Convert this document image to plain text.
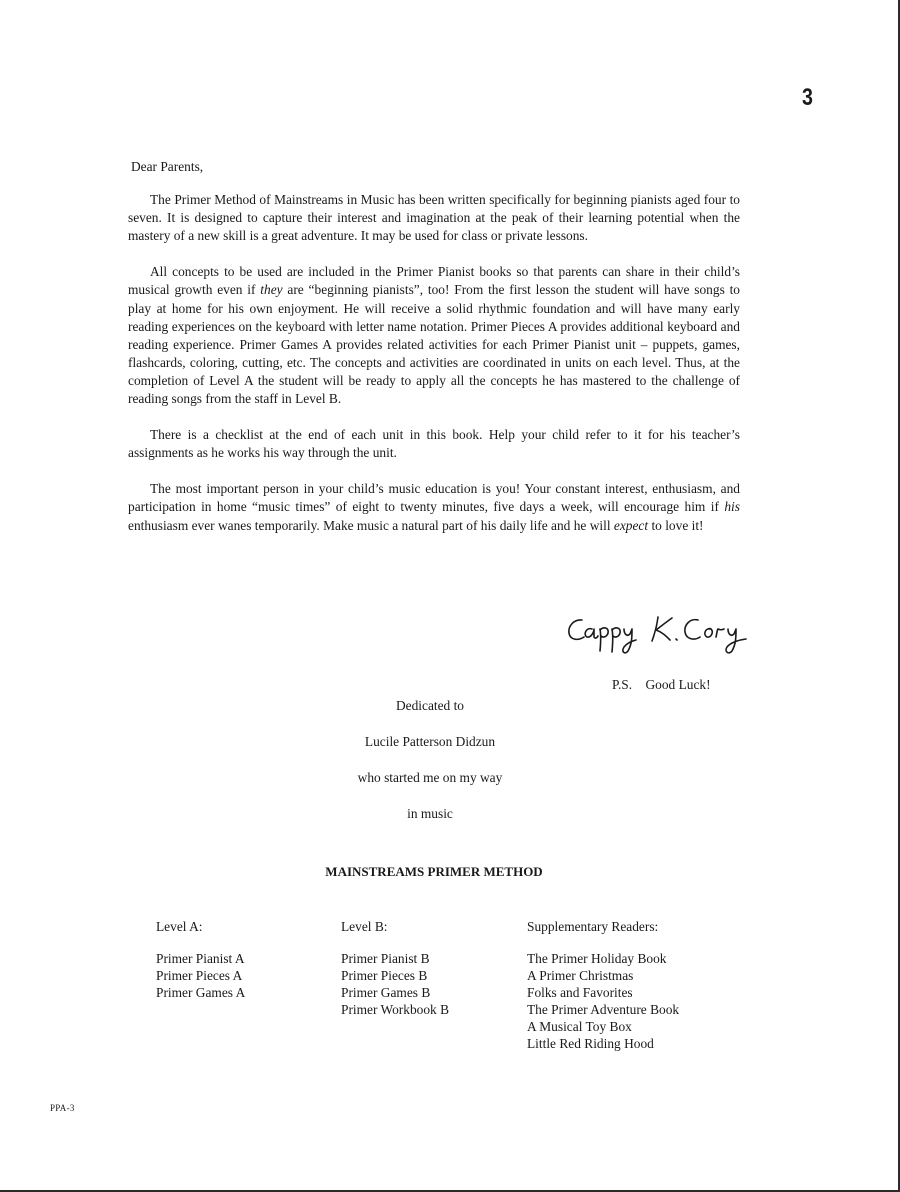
3
Dear Parents,

The Primer Method of Mainstreams in Music has been written specifically for beginning pianists aged four to seven. It is designed to capture their interest and imagination at the peak of their learning potential when the mastery of a new skill is a great adventure. It may be used for class or private lessons.

All concepts to be used are included in the Primer Pianist books so that parents can share in their child’s musical growth even if they are “beginning pianists”, too! From the first lesson the student will have songs to play at home for his own enjoyment. He will receive a solid rhythmic foundation and will have many early reading experiences on the keyboard with letter name notation. Primer Pieces A provides additional keyboard and reading experience. Primer Games A provides related activities for each Primer Pianist unit – puppets, games, flashcards, coloring, cutting, etc. The concepts and activities are coordinated in units on each level. Thus, at the completion of Level A the student will be ready to apply all the concepts he has mastered to the challenge of reading songs from the staff in Level B.

There is a checklist at the end of each unit in this book. Help your child refer to it for his teacher’s assignments as he works his way through the unit.

The most important person in your child’s music education is you! Your constant interest, enthusiasm, and participation in home “music times” of eight to twenty minutes, five days a week, will encourage him if his enthusiasm ever wanes temporarily. Make music a natural part of his daily life and he will expect to love it!

P.S. Good Luck!
Dedicated to
Lucile Patterson Didzun
who started me on my way
in music
MAINSTREAMS PRIMER METHOD
Level A:
Primer Pianist A
Primer Pieces A
Primer Games A
Level B:
Primer Pianist B
Primer Pieces B
Primer Games B
Primer Workbook B
Supplementary Readers:
The Primer Holiday Book
A Primer Christmas
Folks and Favorites
The Primer Adventure Book
A Musical Toy Box
Little Red Riding Hood
PPA-3
